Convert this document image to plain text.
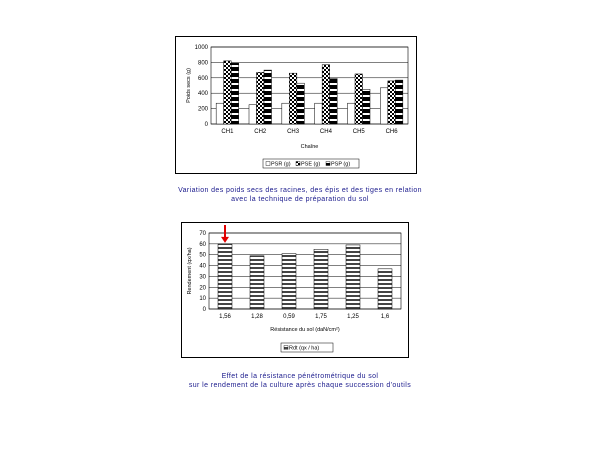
0
200
400
600
800
1000
Poids secs (g)
CH1	CH2	CH3	CH4	CH5	CH6
Chaîne
PSR (g) PSE (g) PSP (g)
Variation des poids secs des racines, des épis et des tiges en relation
avec la technique de préparation du sol
0
10
20
30
40
50
60
70
Rendement (qx/ha)
1,56	1,28	0,59	1,75	1,25	1,6
Résistance du sol (daN/cm²)
Rdt (qx / ha)
Effet de la résistance pénétrométrique du sol
sur le rendement de la culture après chaque succession d'outils
